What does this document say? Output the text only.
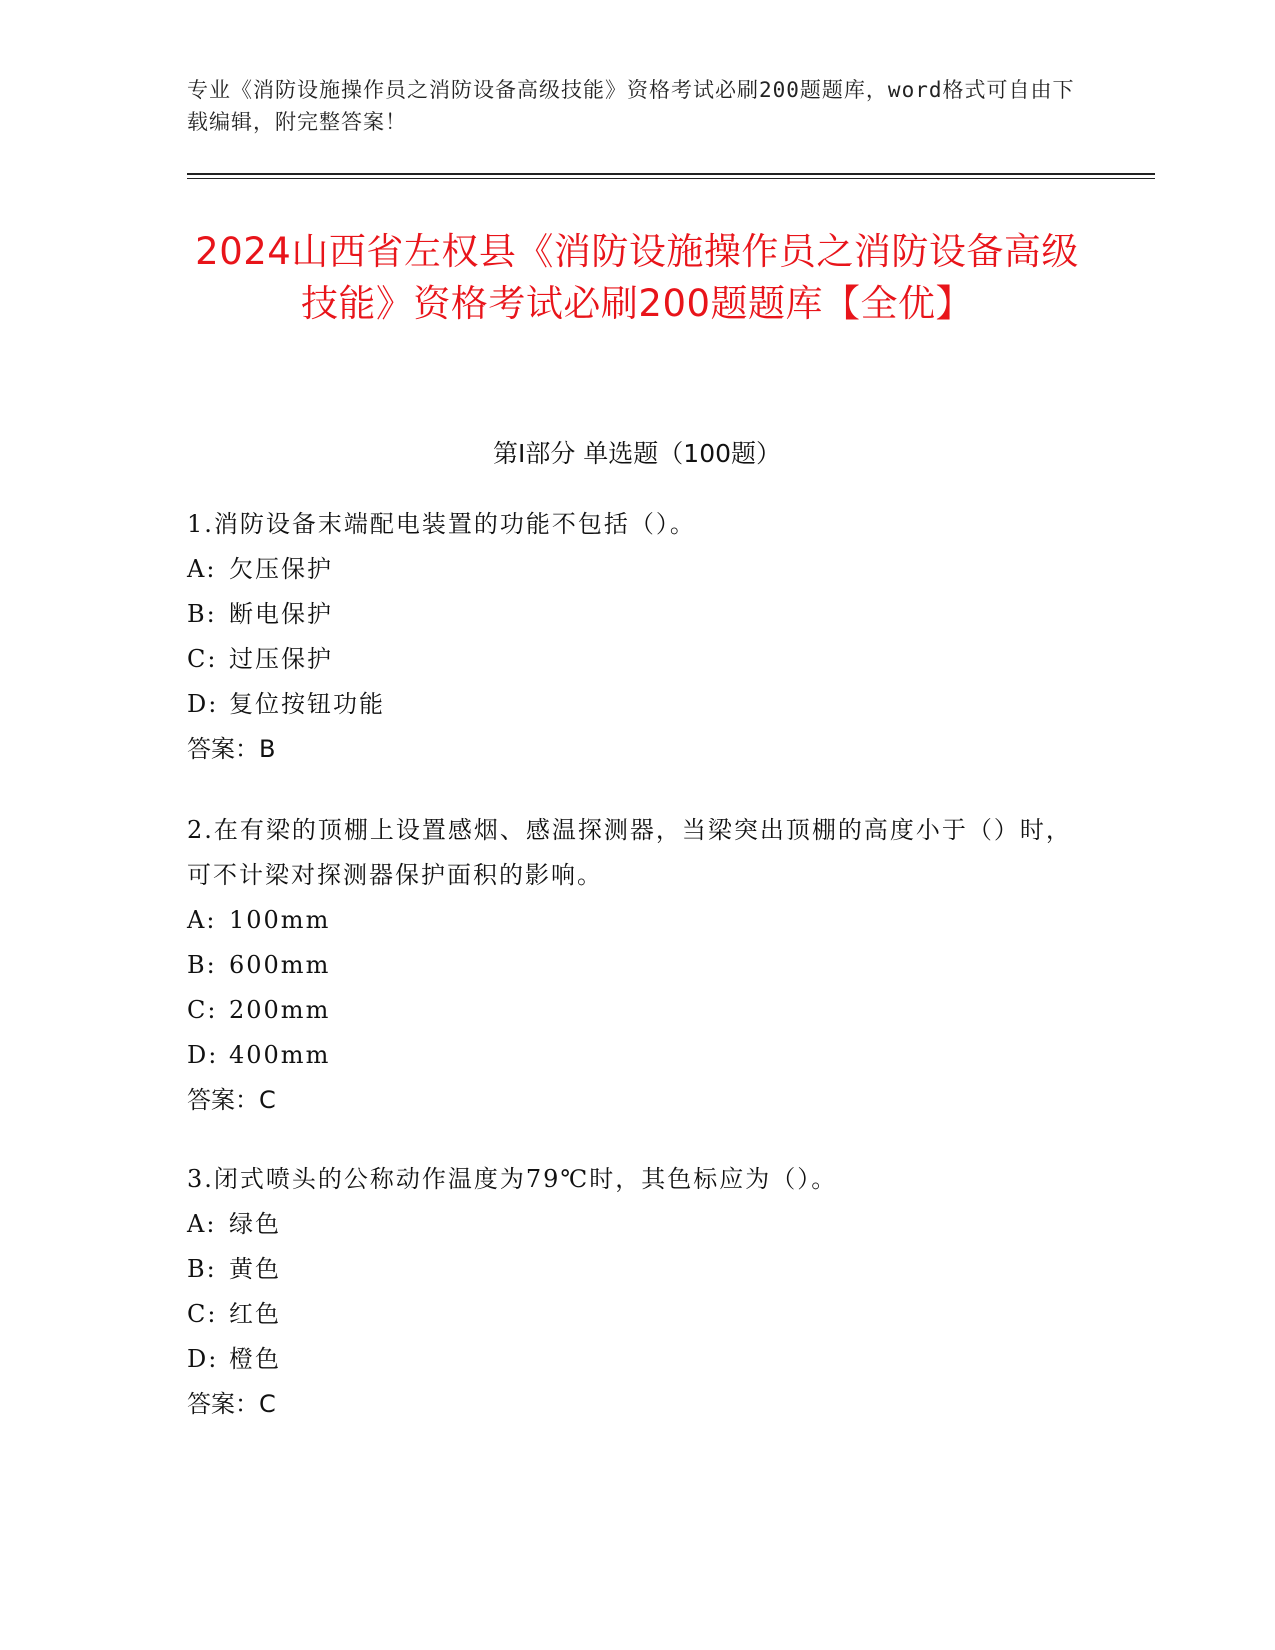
专业《消防设施操作员之消防设备高级技能》资格考试必刷200题题库，word格式可自由下载编辑，附完整答案！
2024山西省左权县《消防设施操作员之消防设备高级技能》资格考试必刷200题题库【全优】
第Ⅰ部分 单选题（100题）
1.消防设备末端配电装置的功能不包括（）。
A: 欠压保护
B: 断电保护
C: 过压保护
D: 复位按钮功能
答案：B
2.在有梁的顶棚上设置感烟、感温探测器，当梁突出顶棚的高度小于（）时，可不计梁对探测器保护面积的影响。
A: 100mm
B: 600mm
C: 200mm
D: 400mm
答案：C
3.闭式喷头的公称动作温度为79℃时，其色标应为（）。
A: 绿色
B: 黄色
C: 红色
D: 橙色
答案：C
